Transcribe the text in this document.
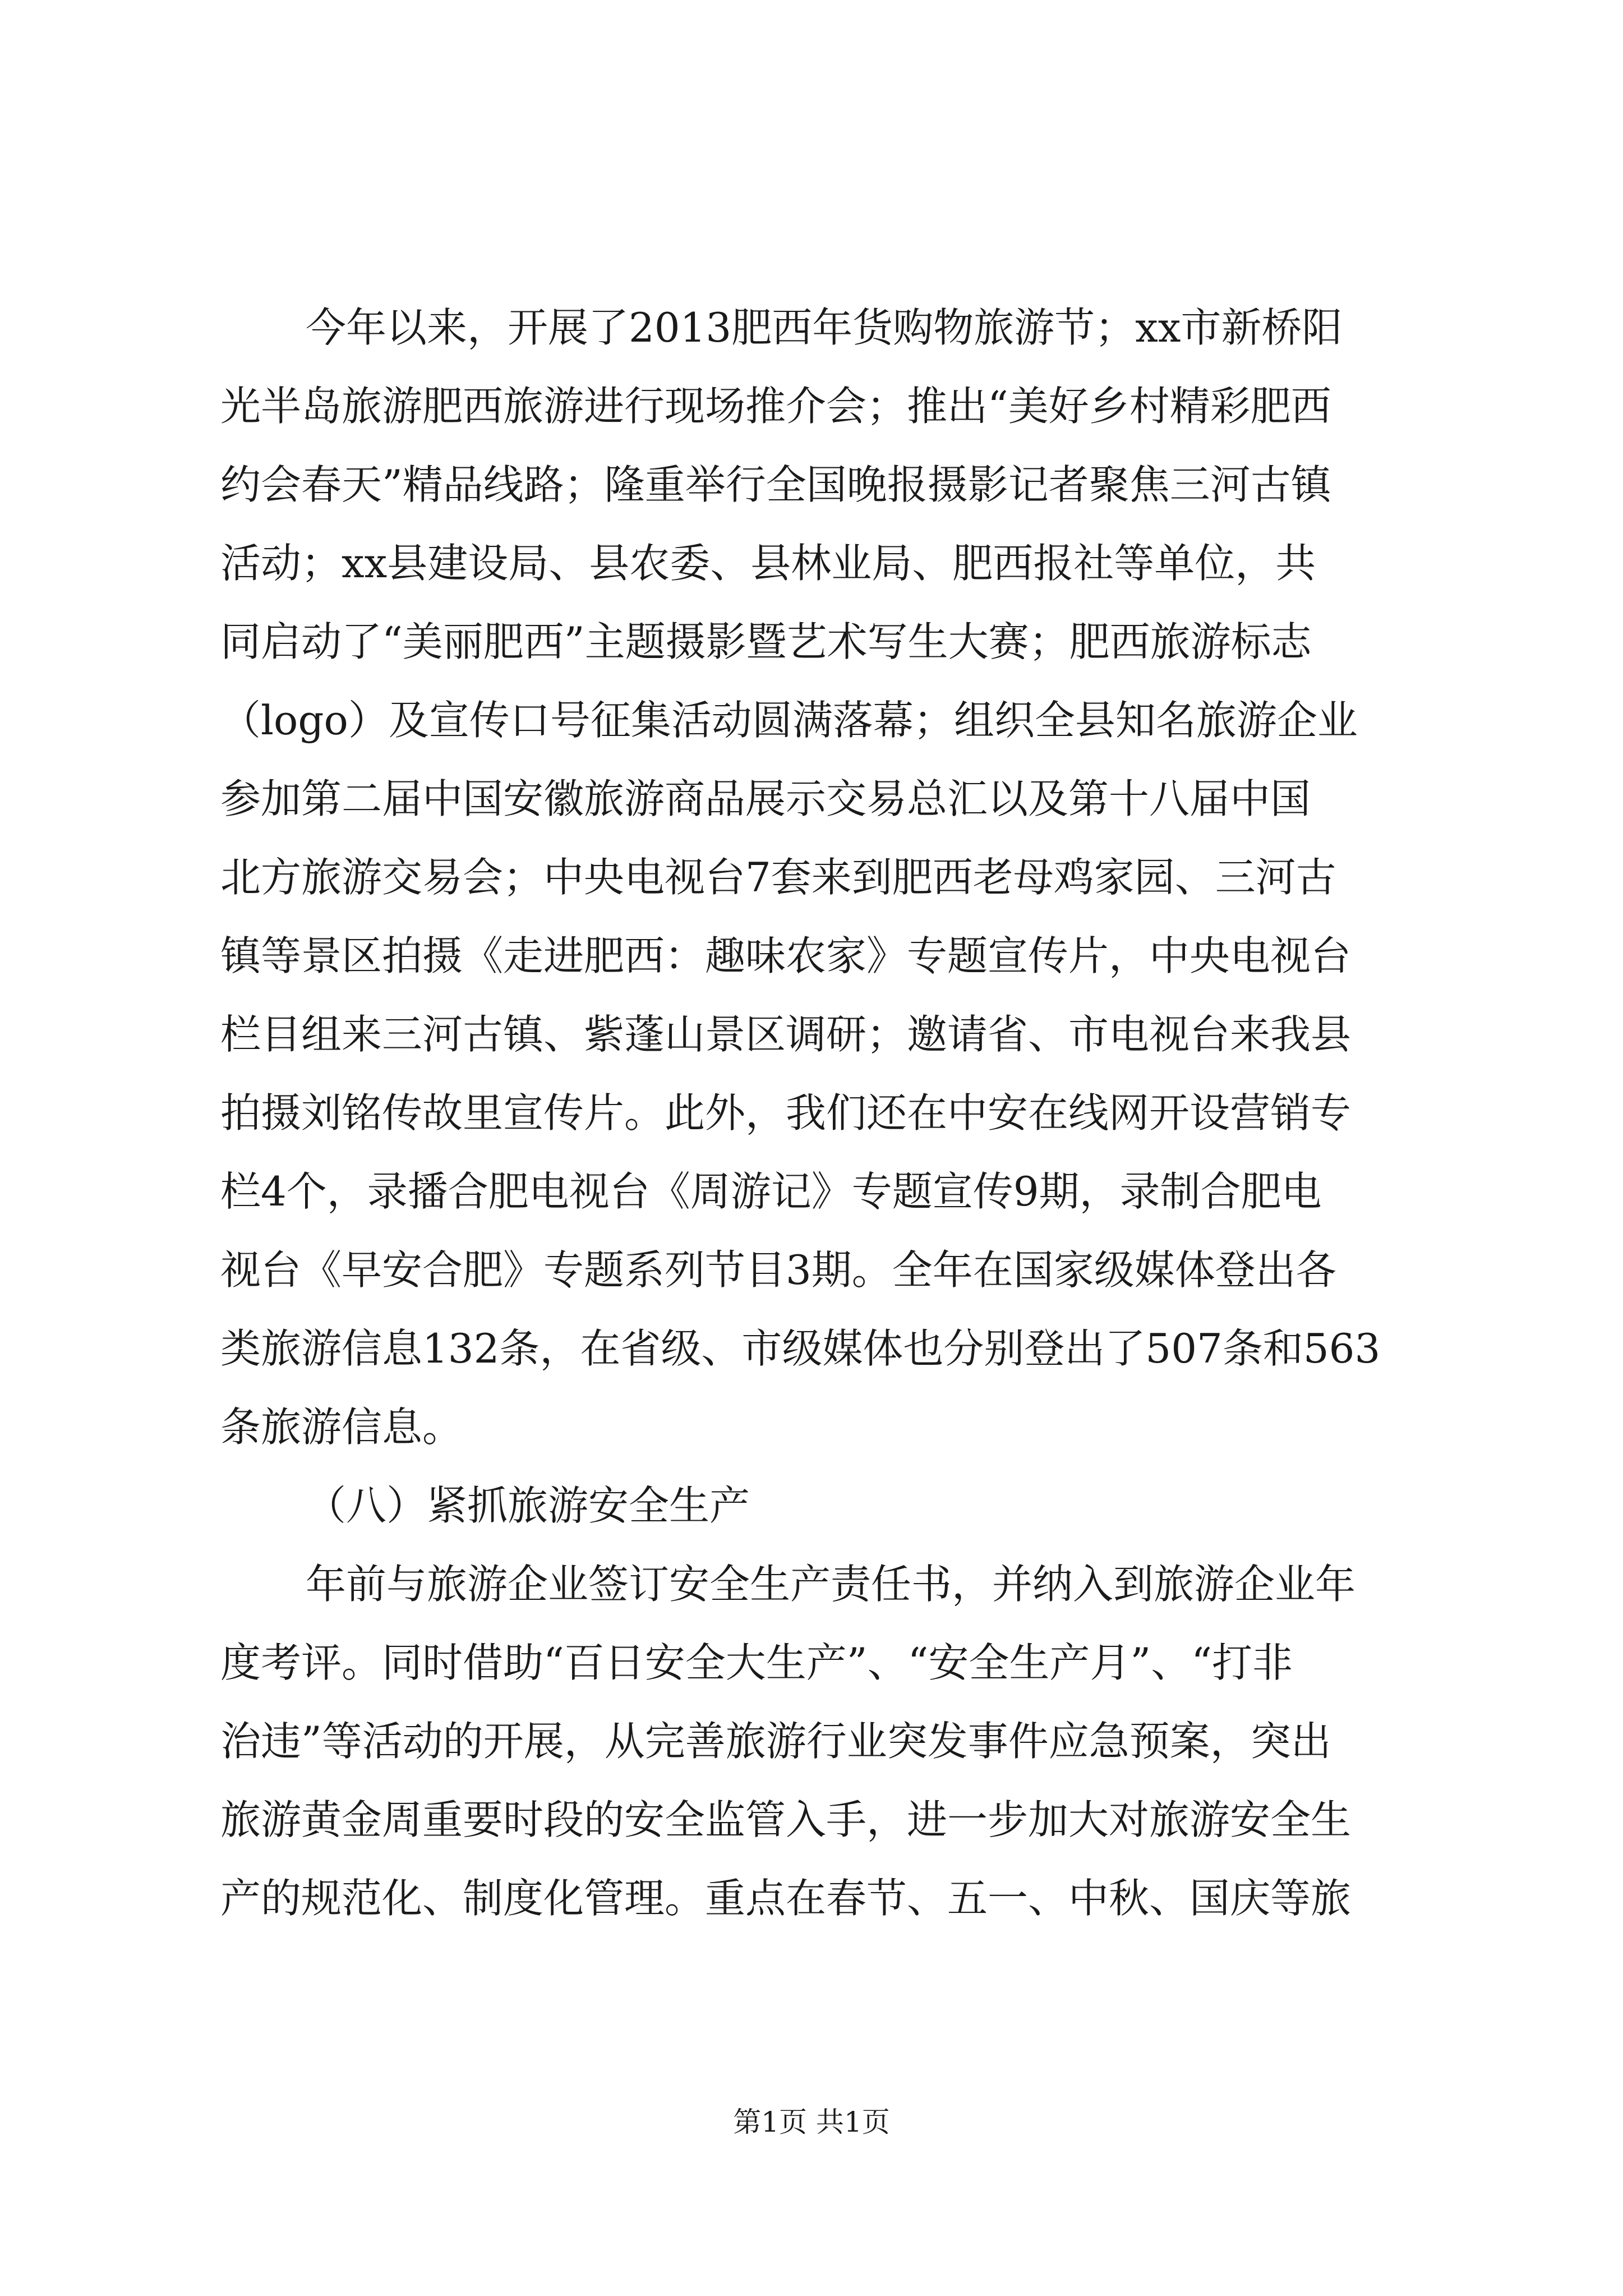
今年以来，开展了2013肥西年货购物旅游节；xx市新桥阳
光半岛旅游肥西旅游进行现场推介会；推出“美好乡村精彩肥西
约会春天”精品线路；隆重举行全国晚报摄影记者聚焦三河古镇
活动；xx县建设局、县农委、县林业局、肥西报社等单位，共
同启动了“美丽肥西”主题摄影暨艺术写生大赛；肥西旅游标志
（logo）及宣传口号征集活动圆满落幕；组织全县知名旅游企业
参加第二届中国安徽旅游商品展示交易总汇以及第十八届中国
北方旅游交易会；中央电视台7套来到肥西老母鸡家园、三河古
镇等景区拍摄《走进肥西：趣味农家》专题宣传片，中央电视台
栏目组来三河古镇、紫蓬山景区调研；邀请省、市电视台来我县
拍摄刘铭传故里宣传片。此外，我们还在中安在线网开设营销专
栏4个，录播合肥电视台《周游记》专题宣传9期，录制合肥电
视台《早安合肥》专题系列节目3期。全年在国家级媒体登出各
类旅游信息132条，在省级、市级媒体也分别登出了507条和563
条旅游信息。
（八）紧抓旅游安全生产
年前与旅游企业签订安全生产责任书，并纳入到旅游企业年
度考评。同时借助“百日安全大生产”、“安全生产月”、“打非
治违”等活动的开展，从完善旅游行业突发事件应急预案，突出
旅游黄金周重要时段的安全监管入手，进一步加大对旅游安全生
产的规范化、制度化管理。重点在春节、五一、中秋、国庆等旅
第1页 共1页
